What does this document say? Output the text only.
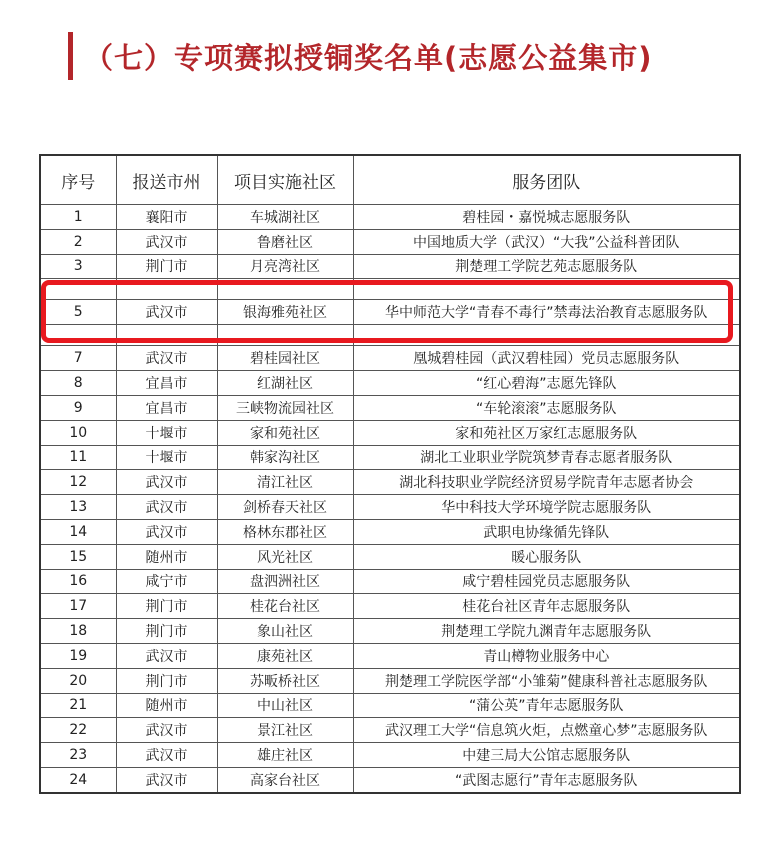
（七）专项赛拟授铜奖名单(志愿公益集市)
序号	报送市州	项目实施社区	服务团队
1	襄阳市	车城湖社区	碧桂园・嘉悦城志愿服务队
2	武汉市	鲁磨社区	中国地质大学（武汉）“大我”公益科普团队
3	荆门市	月亮湾社区	荆楚理工学院艺苑志愿服务队

5	武汉市	银海雅苑社区	华中师范大学“青春不毒行”禁毒法治教育志愿服务队

7	武汉市	碧桂园社区	凰城碧桂园（武汉碧桂园）党员志愿服务队
8	宜昌市	红湖社区	“红心碧海”志愿先锋队
9	宜昌市	三峡物流园社区	“车轮滚滚”志愿服务队
10	十堰市	家和苑社区	家和苑社区万家红志愿服务队
11	十堰市	韩家沟社区	湖北工业职业学院筑梦青春志愿者服务队
12	武汉市	清江社区	湖北科技职业学院经济贸易学院青年志愿者协会
13	武汉市	剑桥春天社区	华中科技大学环境学院志愿服务队
14	武汉市	格林东郡社区	武职电协缘循先锋队
15	随州市	风光社区	暖心服务队
16	咸宁市	盘泗洲社区	咸宁碧桂园党员志愿服务队
17	荆门市	桂花台社区	桂花台社区青年志愿服务队
18	荆门市	象山社区	荆楚理工学院九渊青年志愿服务队
19	武汉市	康苑社区	青山樽物业服务中心
20	荆门市	苏畈桥社区	荆楚理工学院医学部“小雏菊”健康科普社志愿服务队
21	随州市	中山社区	“蒲公英”青年志愿服务队
22	武汉市	景江社区	武汉理工大学“信息筑火炬，点燃童心梦”志愿服务队
23	武汉市	雄庄社区	中建三局大公馆志愿服务队
24	武汉市	高家台社区	“武图志愿行”青年志愿服务队
